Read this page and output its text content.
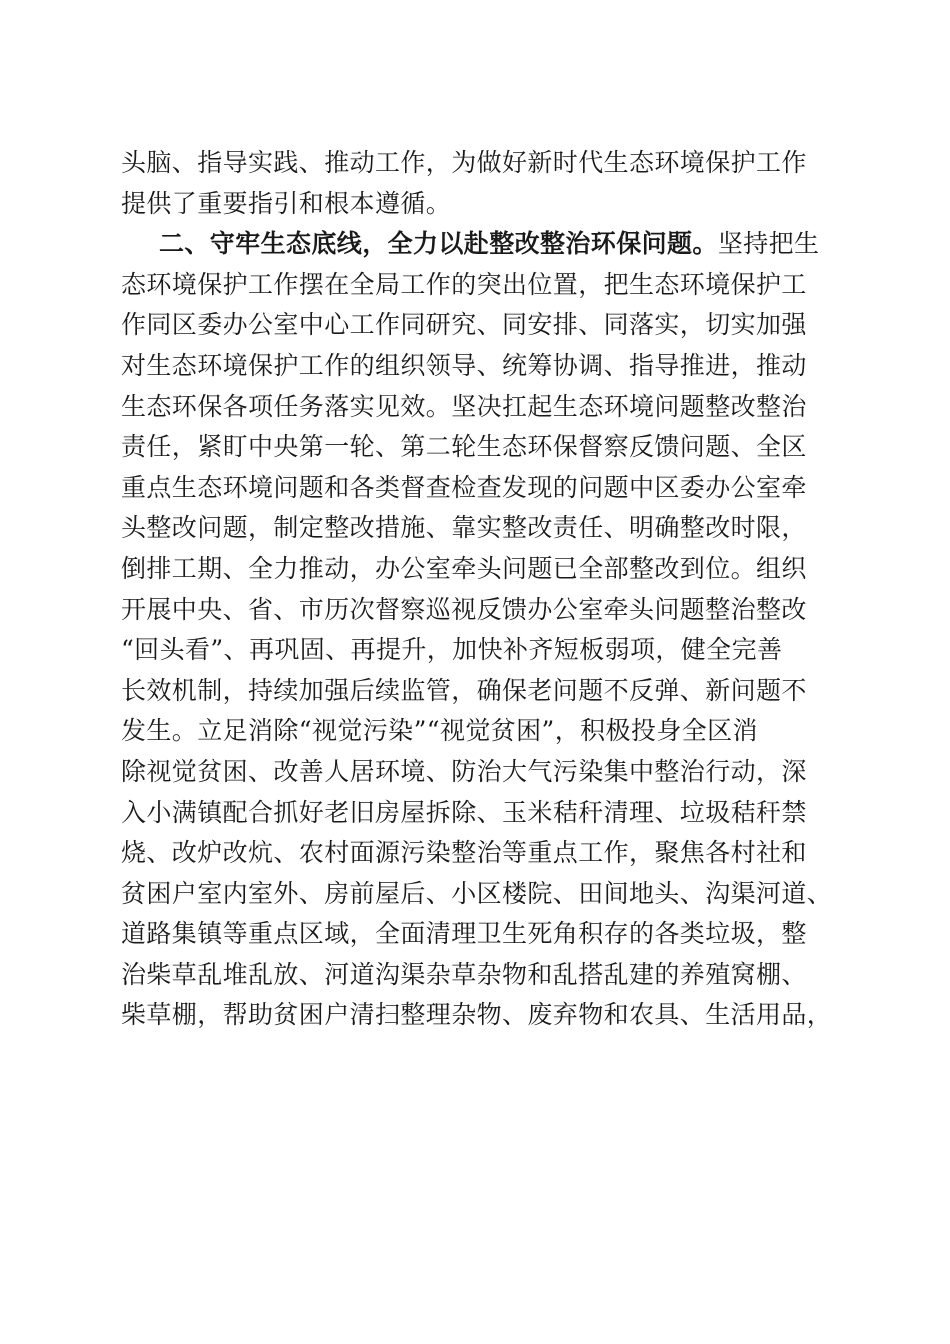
头脑、指导实践、推动工作，为做好新时代生态环境保护工作
提供了重要指引和根本遵循。
二、守牢生态底线，全力以赴整改整治环保问题。坚持把生
态环境保护工作摆在全局工作的突出位置，把生态环境保护工
作同区委办公室中心工作同研究、同安排、同落实，切实加强
对生态环境保护工作的组织领导、统筹协调、指导推进，推动
生态环保各项任务落实见效。坚决扛起生态环境问题整改整治
责任，紧盯中央第一轮、第二轮生态环保督察反馈问题、全区
重点生态环境问题和各类督查检查发现的问题中区委办公室牵
头整改问题，制定整改措施、靠实整改责任、明确整改时限，
倒排工期、全力推动，办公室牵头问题已全部整改到位。组织
开展中央、省、市历次督察巡视反馈办公室牵头问题整治整改
“回头看”、再巩固、再提升，加快补齐短板弱项，健全完善
长效机制，持续加强后续监管，确保老问题不反弹、新问题不
发生。立足消除“视觉污染”“视觉贫困”，积极投身全区消
除视觉贫困、改善人居环境、防治大气污染集中整治行动，深
入小满镇配合抓好老旧房屋拆除、玉米秸秆清理、垃圾秸秆禁
烧、改炉改炕、农村面源污染整治等重点工作，聚焦各村社和
贫困户室内室外、房前屋后、小区楼院、田间地头、沟渠河道、
道路集镇等重点区域，全面清理卫生死角积存的各类垃圾，整
治柴草乱堆乱放、河道沟渠杂草杂物和乱搭乱建的养殖窝棚、
柴草棚，帮助贫困户清扫整理杂物、废弃物和农具、生活用品，
